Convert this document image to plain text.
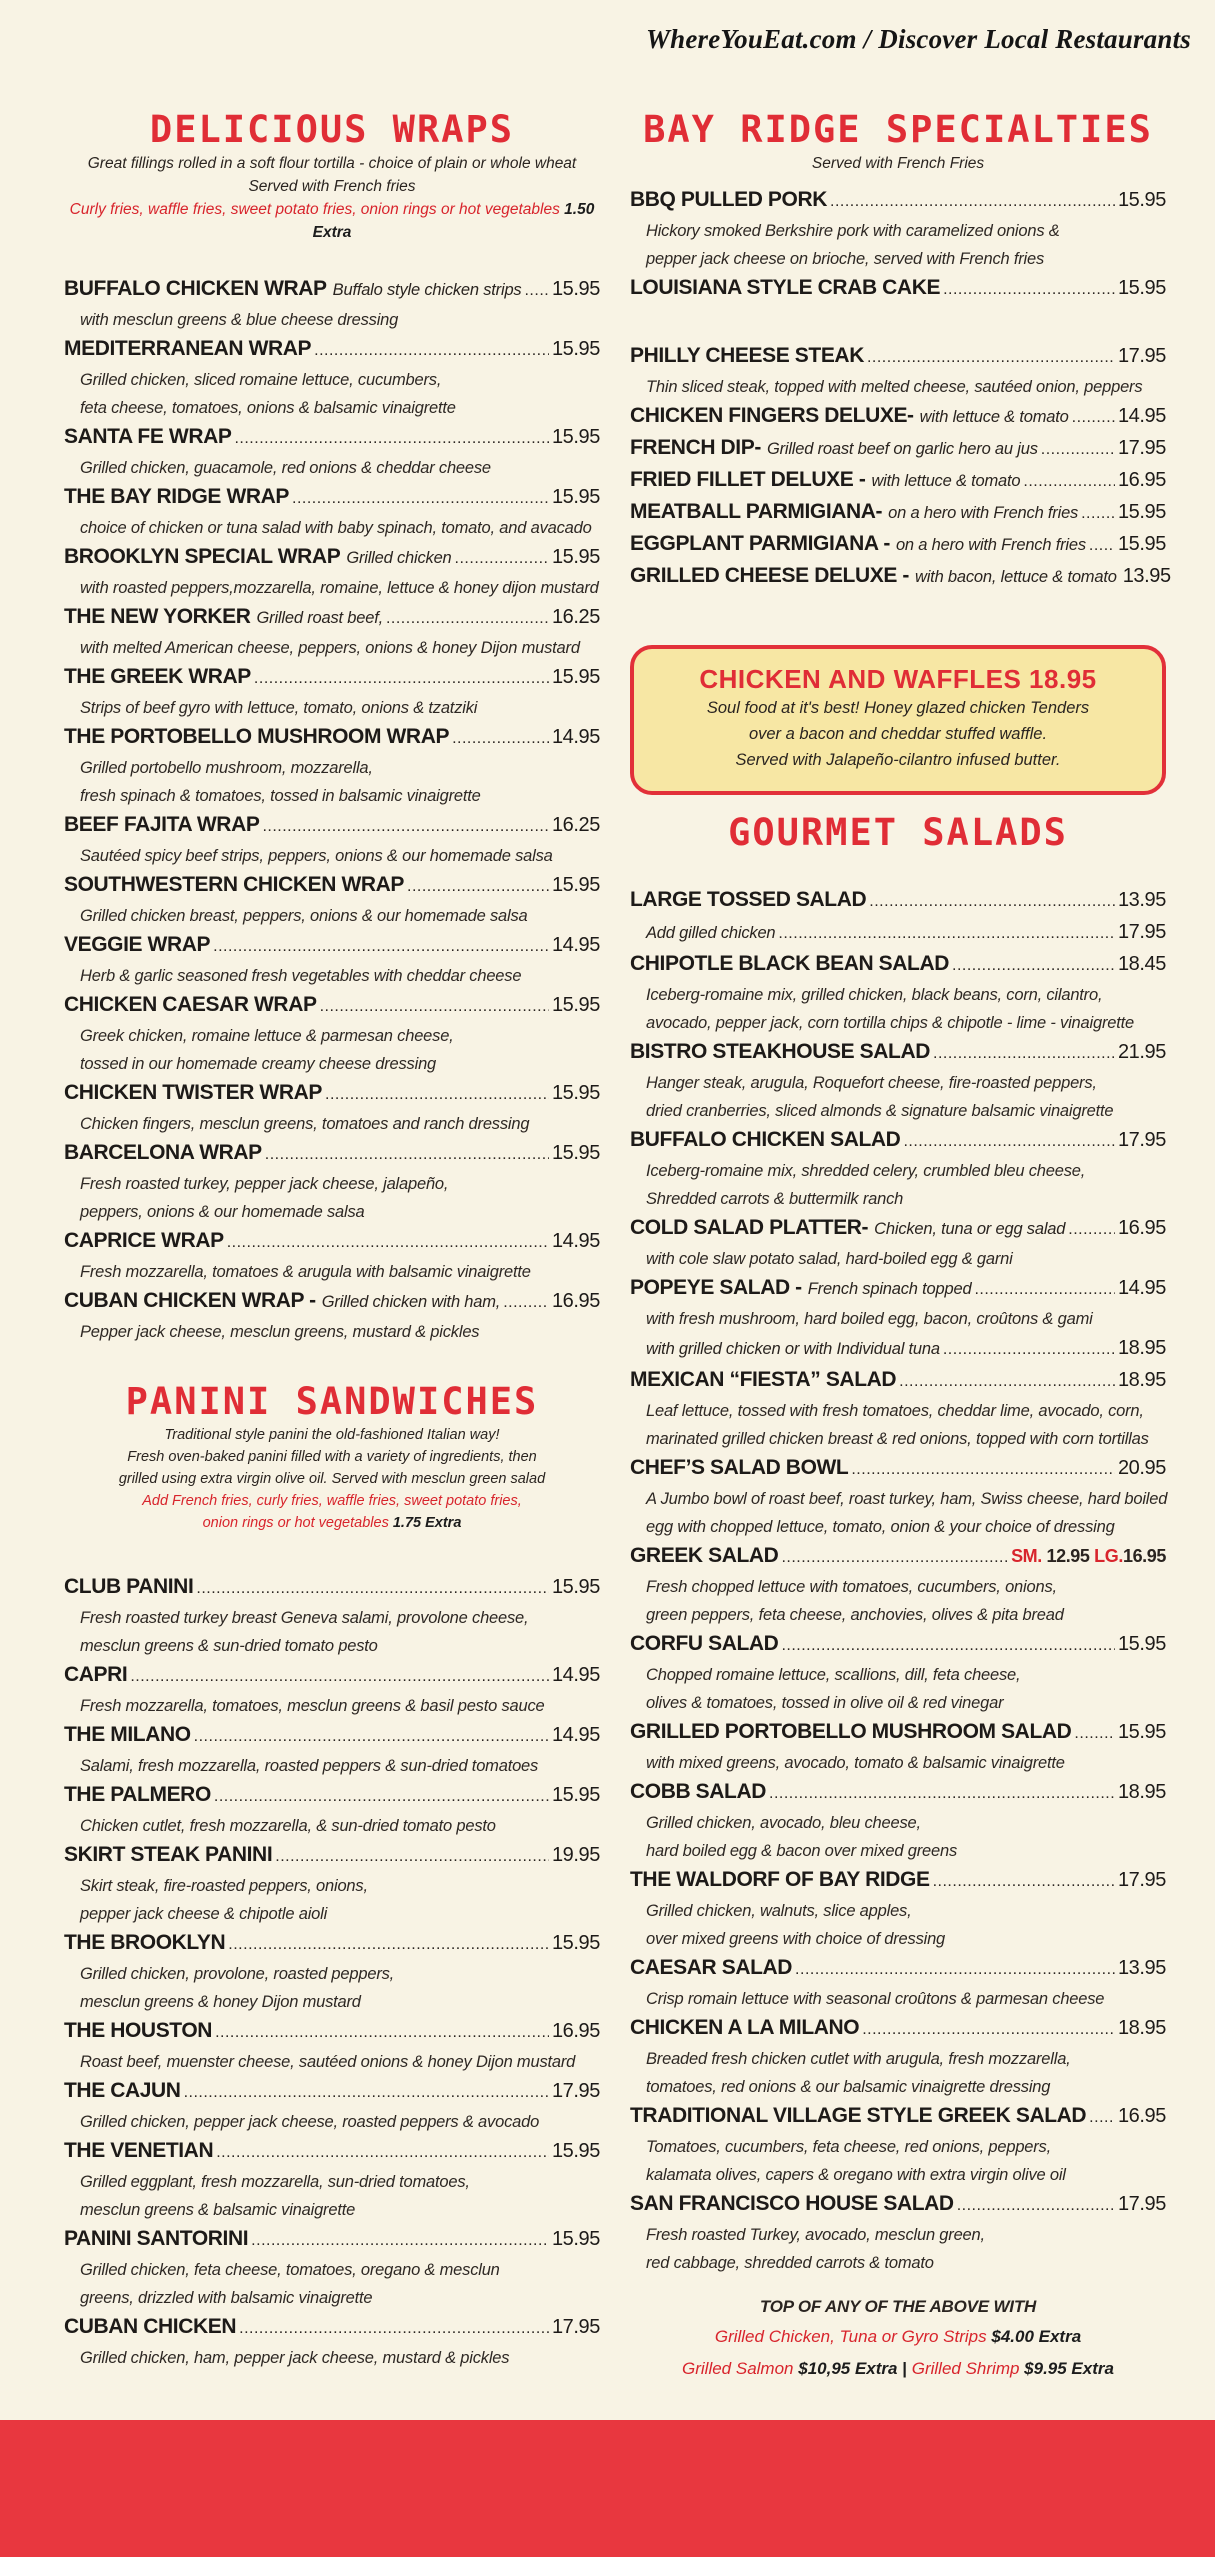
WhereYouEat.com / Discover Local Restaurants
DELICIOUS WRAPS
Great fillings rolled in a soft flour tortilla - choice of plain or whole wheat
Served with French fries
Curly fries, waffle fries, sweet potato fries, onion rings or hot vegetables 1.50 Extra
BUFFALO CHICKEN WRAP Buffalo style chicken strips ..... 15.95
with mesclun greens & blue cheese dressing
MEDITERRANEAN WRAP .....	15.95
Grilled chicken, sliced romaine lettuce, cucumbers,
feta cheese, tomatoes, onions & balsamic vinaigrette
SANTA FE WRAP .....	15.95
Grilled chicken, guacamole, red onions & cheddar cheese
THE BAY RIDGE WRAP .....	15.95
choice of chicken or tuna salad with baby spinach, tomato, and avacado
BROOKLYN SPECIAL WRAP Grilled chicken .....	15.95
with roasted peppers,mozzarella, romaine, lettuce & honey dijon mustard
THE NEW YORKER Grilled roast beef, .....	16.25
with melted American cheese, peppers, onions & honey Dijon mustard
THE GREEK WRAP .....	15.95
Strips of beef gyro with lettuce, tomato, onions & tzatziki
THE PORTOBELLO MUSHROOM WRAP .....	14.95
Grilled portobello mushroom, mozzarella,
fresh spinach & tomatoes, tossed in balsamic vinaigrette
BEEF FAJITA WRAP .....	16.25
Sautéed spicy beef strips, peppers, onions & our homemade salsa
SOUTHWESTERN CHICKEN WRAP .....	15.95
Grilled chicken breast, peppers, onions & our homemade salsa
VEGGIE WRAP .....	14.95
Herb & garlic seasoned fresh vegetables with cheddar cheese
CHICKEN CAESAR WRAP .....	15.95
Greek chicken, romaine lettuce & parmesan cheese,
tossed in our homemade creamy cheese dressing
CHICKEN TWISTER WRAP .....	15.95
Chicken fingers, mesclun greens, tomatoes and ranch dressing
BARCELONA WRAP .....	15.95
Fresh roasted turkey, pepper jack cheese, jalapeño,
peppers, onions & our homemade salsa
CAPRICE WRAP .....	14.95
Fresh mozzarella, tomatoes & arugula with balsamic vinaigrette
CUBAN CHICKEN WRAP - Grilled chicken with ham, .....	16.95
Pepper jack cheese, mesclun greens, mustard & pickles
PANINI SANDWICHES
Traditional style panini the old-fashioned Italian way!
Fresh oven-baked panini filled with a variety of ingredients, then
grilled using extra virgin olive oil. Served with mesclun green salad
Add French fries, curly fries, waffle fries, sweet potato fries,
onion rings or hot vegetables 1.75 Extra
CLUB PANINI .....	15.95
Fresh roasted turkey breast Geneva salami, provolone cheese,
mesclun greens & sun-dried tomato pesto
CAPRI .....	14.95
Fresh mozzarella, tomatoes, mesclun greens & basil pesto sauce
THE MILANO .....	14.95
Salami, fresh mozzarella, roasted peppers & sun-dried tomatoes
THE PALMERO .....	15.95
Chicken cutlet, fresh mozzarella, & sun-dried tomato pesto
SKIRT STEAK PANINI .....	19.95
Skirt steak, fire-roasted peppers, onions,
pepper jack cheese & chipotle aioli
THE BROOKLYN .....	15.95
Grilled chicken, provolone, roasted peppers,
mesclun greens & honey Dijon mustard
THE HOUSTON .....	16.95
Roast beef, muenster cheese, sautéed onions & honey Dijon mustard
THE CAJUN .....	17.95
Grilled chicken, pepper jack cheese, roasted peppers & avocado
THE VENETIAN .....	15.95
Grilled eggplant, fresh mozzarella, sun-dried tomatoes,
mesclun greens & balsamic vinaigrette
PANINI SANTORINI .....	15.95
Grilled chicken, feta cheese, tomatoes, oregano & mesclun
greens, drizzled with balsamic vinaigrette
CUBAN CHICKEN .....	17.95
Grilled chicken, ham, pepper jack cheese, mustard & pickles
BAY RIDGE SPECIALTIES
Served with French Fries
BBQ PULLED PORK .....	15.95
Hickory smoked Berkshire pork with caramelized onions &
pepper jack cheese on brioche, served with French fries
LOUISIANA STYLE CRAB CAKE .....	15.95
PHILLY CHEESE STEAK .....	17.95
Thin sliced steak, topped with melted cheese, sautéed onion, peppers
CHICKEN FINGERS DELUXE- with lettuce & tomato ..... 14.95
FRENCH DIP- Grilled roast beef on garlic hero au jus .....	17.95
FRIED FILLET DELUXE - with lettuce & tomato .....	16.95
MEATBALL PARMIGIANA- on a hero with French fries ..... 15.95
EGGPLANT PARMIGIANA - on a hero with French fries ..... 15.95
GRILLED CHEESE DELUXE - with bacon, lettuce & tomato 13.95
CHICKEN AND WAFFLES 18.95
Soul food at it's best! Honey glazed chicken Tenders
over a bacon and cheddar stuffed waffle.
Served with Jalapeño-cilantro infused butter.
GOURMET SALADS
LARGE TOSSED SALAD .....	13.95
Add gilled chicken .....	17.95
CHIPOTLE BLACK BEAN SALAD .....	18.45
Iceberg-romaine mix, grilled chicken, black beans, corn, cilantro,
avocado, pepper jack, corn tortilla chips & chipotle - lime - vinaigrette
BISTRO STEAKHOUSE SALAD .....	21.95
Hanger steak, arugula, Roquefort cheese, fire-roasted peppers,
dried cranberries, sliced almonds & signature balsamic vinaigrette
BUFFALO CHICKEN SALAD .....	17.95
Iceberg-romaine mix, shredded celery, crumbled bleu cheese,
Shredded carrots & buttermilk ranch
COLD SALAD PLATTER- Chicken, tuna or egg salad .....	16.95
with cole slaw potato salad, hard-boiled egg & garni
POPEYE SALAD - French spinach topped .....	14.95
with fresh mushroom, hard boiled egg, bacon, croûtons & gami
with grilled chicken or with Individual tuna .....	18.95
MEXICAN “FIESTA” SALAD .....	18.95
Leaf lettuce, tossed with fresh tomatoes, cheddar lime, avocado, corn,
marinated grilled chicken breast & red onions, topped with corn tortillas
CHEF’S SALAD BOWL .....	20.95
A Jumbo bowl of roast beef, roast turkey, ham, Swiss cheese, hard boiled
egg with chopped lettuce, tomato, onion & your choice of dressing
GREEK SALAD .....	SM. 12.95 LG.16.95
Fresh chopped lettuce with tomatoes, cucumbers, onions,
green peppers, feta cheese, anchovies, olives & pita bread
CORFU SALAD .....	15.95
Chopped romaine lettuce, scallions, dill, feta cheese,
olives & tomatoes, tossed in olive oil & red vinegar
GRILLED PORTOBELLO MUSHROOM SALAD ..... 15.95
with mixed greens, avocado, tomato & balsamic vinaigrette
COBB SALAD .....	18.95
Grilled chicken, avocado, bleu cheese,
hard boiled egg & bacon over mixed greens
THE WALDORF OF BAY RIDGE .....	17.95
Grilled chicken, walnuts, slice apples,
over mixed greens with choice of dressing
CAESAR SALAD .....	13.95
Crisp romain lettuce with seasonal croûtons & parmesan cheese
CHICKEN A LA MILANO .....	18.95
Breaded fresh chicken cutlet with arugula, fresh mozzarella,
tomatoes, red onions & our balsamic vinaigrette dressing
TRADITIONAL VILLAGE STYLE GREEK SALAD ..... 16.95
Tomatoes, cucumbers, feta cheese, red onions, peppers,
kalamata olives, capers & oregano with extra virgin olive oil
SAN FRANCISCO HOUSE SALAD .....	17.95
Fresh roasted Turkey, avocado, mesclun green,
red cabbage, shredded carrots & tomato
TOP OF ANY OF THE ABOVE WITH
Grilled Chicken, Tuna or Gyro Strips $4.00 Extra
Grilled Salmon $10,95 Extra | Grilled Shrimp $9.95 Extra
